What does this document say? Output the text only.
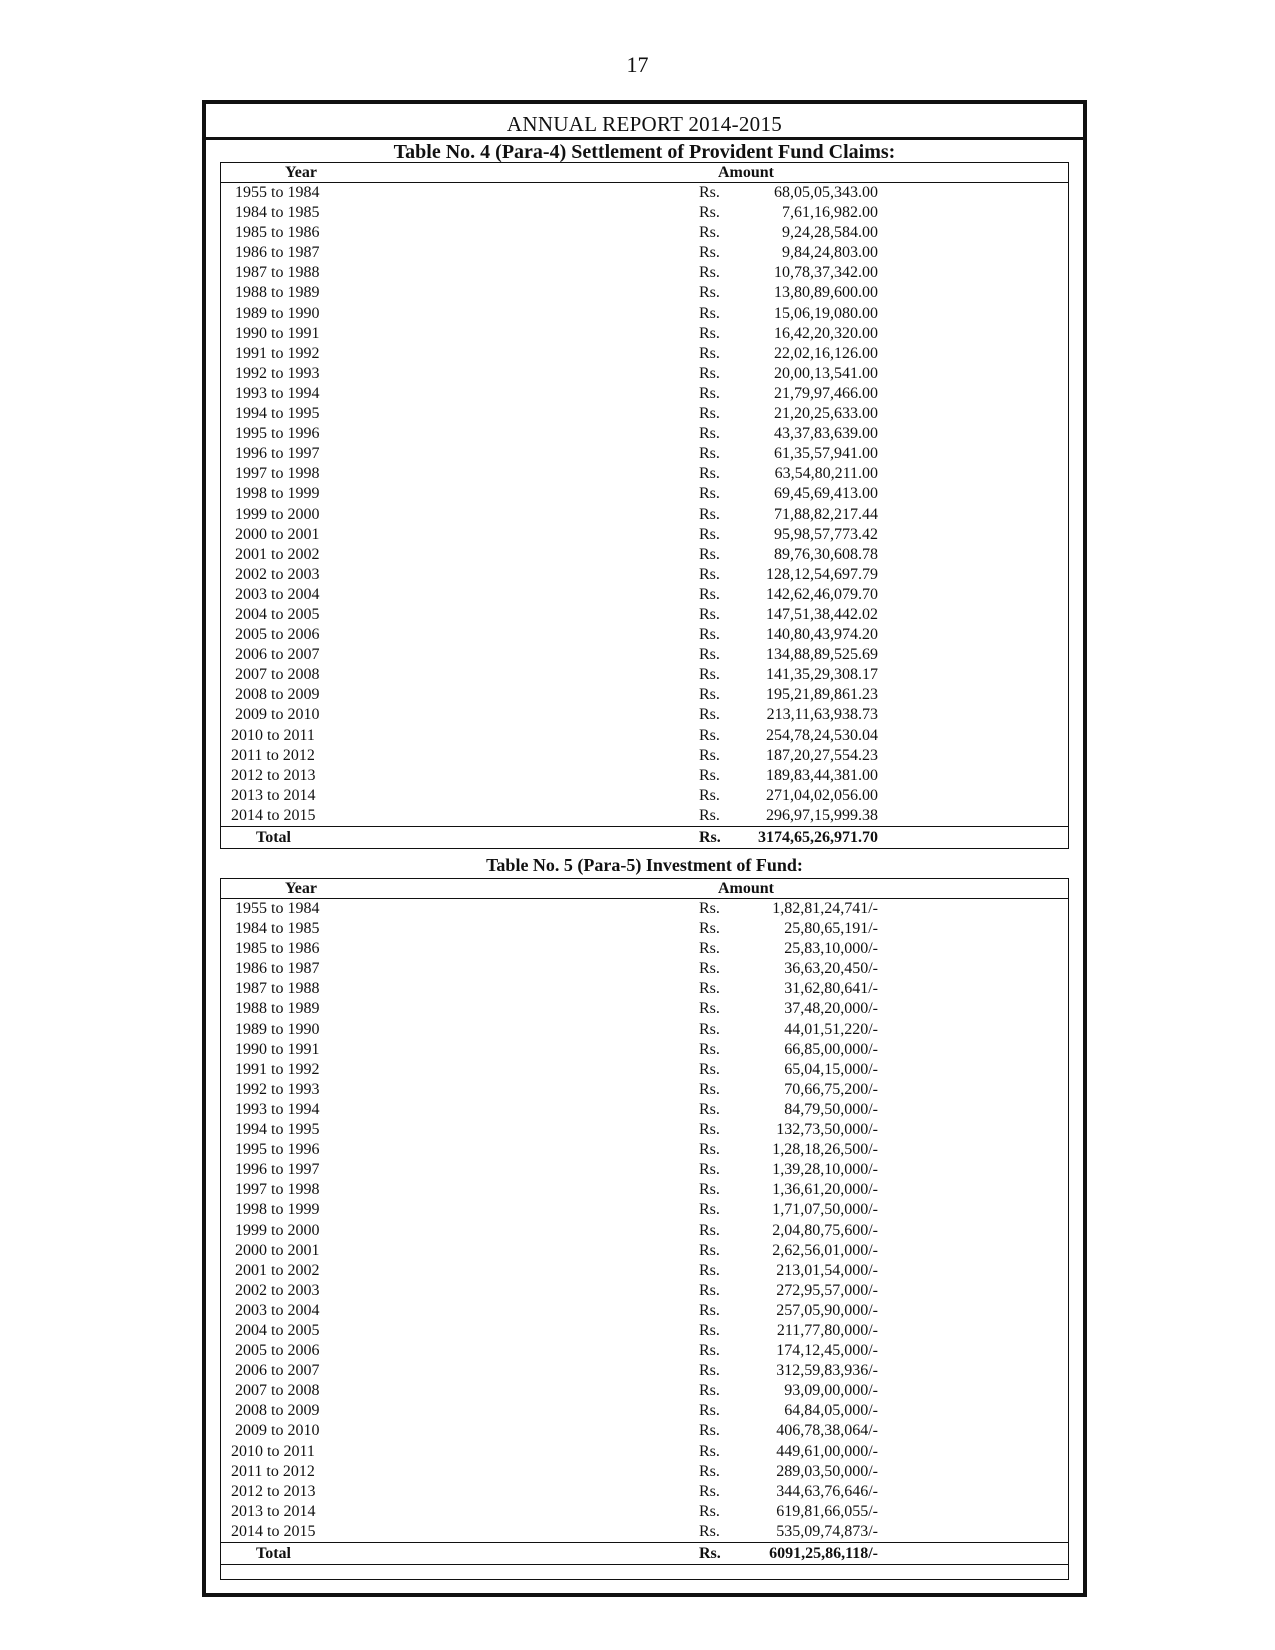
17
ANNUAL REPORT 2014-2015
Table No. 4 (Para-4) Settlement of Provident Fund Claims:
Year	Amount
1955 to 1984	Rs.	68,05,05,343.00
1984 to 1985	Rs.	7,61,16,982.00
1985 to 1986	Rs.	9,24,28,584.00
1986 to 1987	Rs.	9,84,24,803.00
1987 to 1988	Rs.	10,78,37,342.00
1988 to 1989	Rs.	13,80,89,600.00
1989 to 1990	Rs.	15,06,19,080.00
1990 to 1991	Rs.	16,42,20,320.00
1991 to 1992	Rs.	22,02,16,126.00
1992 to 1993	Rs.	20,00,13,541.00
1993 to 1994	Rs.	21,79,97,466.00
1994 to 1995	Rs.	21,20,25,633.00
1995 to 1996	Rs.	43,37,83,639.00
1996 to 1997	Rs.	61,35,57,941.00
1997 to 1998	Rs.	63,54,80,211.00
1998 to 1999	Rs.	69,45,69,413.00
1999 to 2000	Rs.	71,88,82,217.44
2000 to 2001	Rs.	95,98,57,773.42
2001 to 2002	Rs.	89,76,30,608.78
2002 to 2003	Rs.	128,12,54,697.79
2003 to 2004	Rs.	142,62,46,079.70
2004 to 2005	Rs.	147,51,38,442.02
2005 to 2006	Rs.	140,80,43,974.20
2006 to 2007	Rs.	134,88,89,525.69
2007 to 2008	Rs.	141,35,29,308.17
2008 to 2009	Rs.	195,21,89,861.23
2009 to 2010	Rs.	213,11,63,938.73
2010 to 2011	Rs.	254,78,24,530.04
2011 to 2012	Rs.	187,20,27,554.23
2012 to 2013	Rs.	189,83,44,381.00
2013 to 2014	Rs.	271,04,02,056.00
2014 to 2015	Rs.	296,97,15,999.38
Total	Rs. 3174,65,26,971.70
Table No. 5 (Para-5) Investment of Fund:
Year	Amount
1955 to 1984	Rs.	1,82,81,24,741/-
1984 to 1985	Rs.	25,80,65,191/-
1985 to 1986	Rs.	25,83,10,000/-
1986 to 1987	Rs.	36,63,20,450/-
1987 to 1988	Rs.	31,62,80,641/-
1988 to 1989	Rs.	37,48,20,000/-
1989 to 1990	Rs.	44,01,51,220/-
1990 to 1991	Rs.	66,85,00,000/-
1991 to 1992	Rs.	65,04,15,000/-
1992 to 1993	Rs.	70,66,75,200/-
1993 to 1994	Rs.	84,79,50,000/-
1994 to 1995	Rs.	132,73,50,000/-
1995 to 1996	Rs.	1,28,18,26,500/-
1996 to 1997	Rs.	1,39,28,10,000/-
1997 to 1998	Rs.	1,36,61,20,000/-
1998 to 1999	Rs.	1,71,07,50,000/-
1999 to 2000	Rs.	2,04,80,75,600/-
2000 to 2001	Rs.	2,62,56,01,000/-
2001 to 2002	Rs.	213,01,54,000/-
2002 to 2003	Rs.	272,95,57,000/-
2003 to 2004	Rs.	257,05,90,000/-
2004 to 2005	Rs.	211,77,80,000/-
2005 to 2006	Rs.	174,12,45,000/-
2006 to 2007	Rs.	312,59,83,936/-
2007 to 2008	Rs.	93,09,00,000/-
2008 to 2009	Rs.	64,84,05,000/-
2009 to 2010	Rs.	406,78,38,064/-
2010 to 2011	Rs.	449,61,00,000/-
2011 to 2012	Rs.	289,03,50,000/-
2012 to 2013	Rs.	344,63,76,646/-
2013 to 2014	Rs.	619,81,66,055/-
2014 to 2015	Rs.	535,09,74,873/-
Total	Rs.	6091,25,86,118/-
